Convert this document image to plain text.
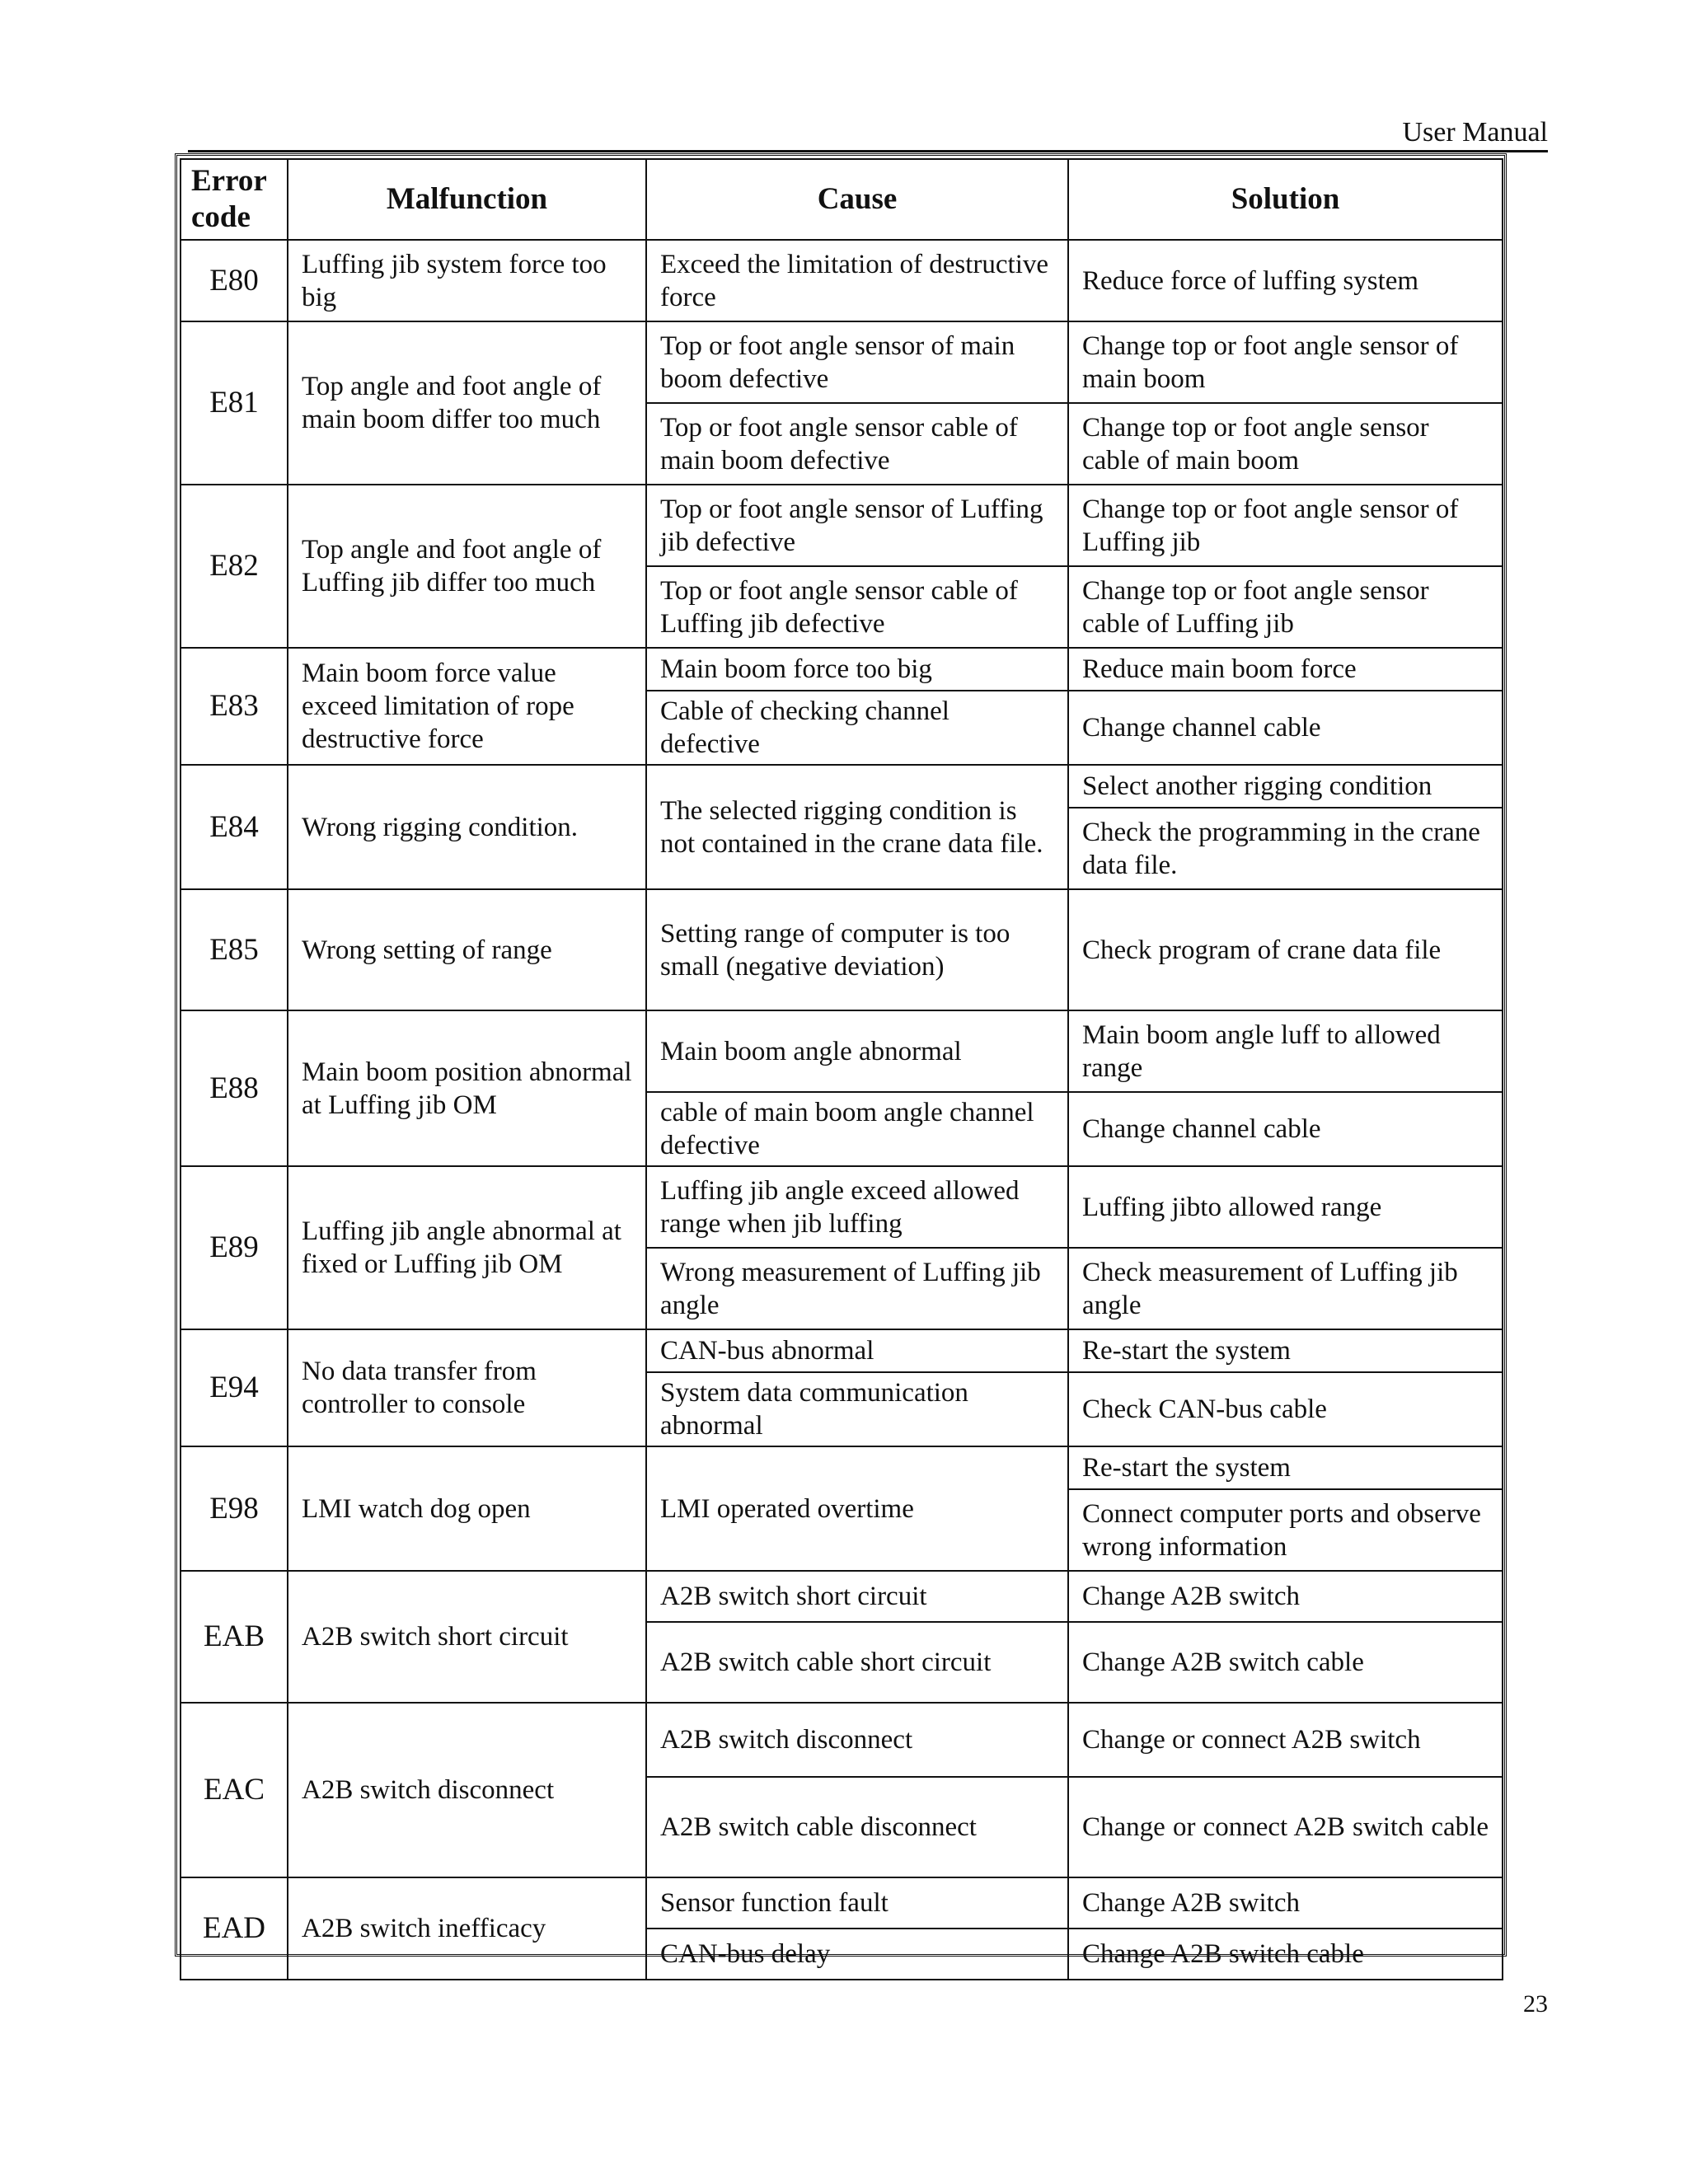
User Manual
Error
code	Malfunction	Cause	Solution
E80	Luffing jib system force too big	Exceed the limitation of destructive force	Reduce force of luffing system
E81	Top angle and foot angle of main boom differ too much	Top or foot angle sensor of main boom defective	Change top or foot angle sensor of main boom
		Top or foot angle sensor cable of main boom defective	Change top or foot angle sensor cable of main boom
E82	Top angle and foot angle of Luffing jib differ too much	Top or foot angle sensor of Luffing jib defective	Change top or foot angle sensor of Luffing jib
		Top or foot angle sensor cable of Luffing jib defective	Change top or foot angle sensor cable of Luffing jib
E83	Main boom force value exceed limitation of rope destructive force	Main boom force too big	Reduce main boom force
		Cable of checking channel defective	Change channel cable
E84	Wrong rigging condition.	The selected rigging condition is not contained in the crane data file.	Select another rigging condition
			Check the programming in the crane data file.
E85	Wrong setting of range	Setting range of computer is too small (negative deviation)	Check program of crane data file
E88	Main boom position abnormal at Luffing jib OM	Main boom angle abnormal	Main boom angle luff to allowed range
		cable of main boom angle channel defective	Change channel cable
E89	Luffing jib angle abnormal at fixed or Luffing jib OM	Luffing jib angle exceed allowed range when jib luffing	Luffing jibto allowed range
		Wrong measurement of Luffing jib angle	Check measurement of Luffing jib angle
E94	No data transfer from controller to console	CAN-bus abnormal	Re-start the system
		System data communication abnormal	Check CAN-bus cable
E98	LMI watch dog open	LMI operated overtime	Re-start the system
			Connect computer ports and observe wrong information
EAB	A2B switch short circuit	A2B switch short circuit	Change A2B switch
		A2B switch cable short circuit	Change A2B switch cable
EAC	A2B switch disconnect	A2B switch disconnect	Change or connect A2B switch
		A2B switch cable disconnect	Change or connect A2B switch cable
EAD	A2B switch inefficacy	Sensor function fault	Change A2B switch
		CAN-bus delay	Change A2B switch cable
23
